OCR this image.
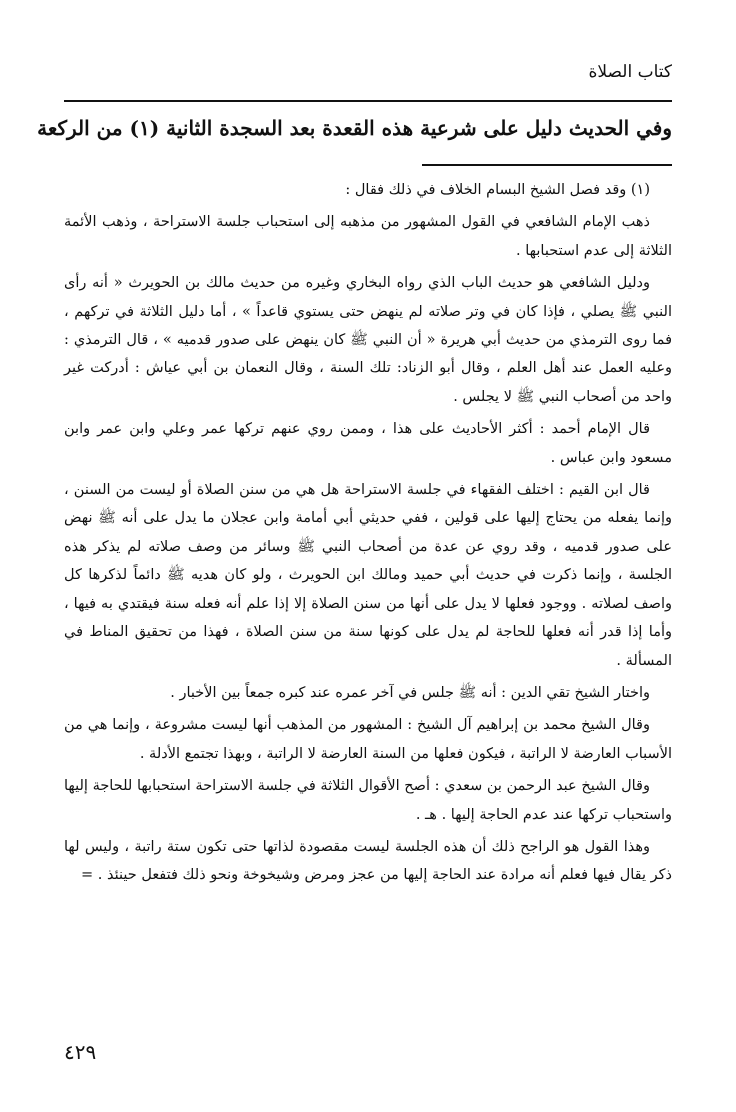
كتاب الصلاة
وفي الحديث دليل على شرعية هذه القعدة بعد السجدة الثانية (١) من الركعة

(١) وقد فصل الشيخ البسام الخلاف في ذلك فقال :

ذهب الإمام الشافعي في القول المشهور من مذهبه إلى استحباب جلسة الاستراحة ، وذهب الأئمة الثلاثة إلى عدم استحبابها .

ودليل الشافعي هو حديث الباب الذي رواه البخاري وغيره من حديث مالك بن الحويرث « أنه رأى النبي ﷺ يصلي ، فإذا كان في وتر صلاته لم ينهض حتى يستوي قاعداً » ، أما دليل الثلاثة في تركهم ، فما روى الترمذي من حديث أبي هريرة « أن النبي ﷺ كان ينهض على صدور قدميه » ، قال الترمذي : وعليه العمل عند أهل العلم ، وقال أبو الزناد: تلك السنة ، وقال النعمان بن أبي عياش : أدركت غير واحد من أصحاب النبي ﷺ لا يجلس .

قال الإمام أحمد : أكثر الأحاديث على هذا ، وممن روي عنهم تركها عمر وعلي وابن عمر وابن مسعود وابن عباس .

قال ابن القيم : اختلف الفقهاء في جلسة الاستراحة هل هي من سنن الصلاة أو ليست من السنن ، وإنما يفعله من يحتاج إليها على قولين ، ففي حديثي أبي أمامة وابن عجلان ما يدل على أنه ﷺ نهض على صدور قدميه ، وقد روي عن عدة من أصحاب النبي ﷺ وسائر من وصف صلاته لم يذكر هذه الجلسة ، وإنما ذكرت في حديث أبي حميد ومالك ابن الحويرث ، ولو كان هديه ﷺ دائماً لذكرها كل واصف لصلاته . ووجود فعلها لا يدل على أنها من سنن الصلاة إلا إذا علم أنه فعله سنة فيقتدي به فيها ، وأما إذا قدر أنه فعلها للحاجة لم يدل على كونها سنة من سنن الصلاة ، فهذا من تحقيق المناط في المسألة .

واختار الشيخ تقي الدين : أنه ﷺ جلس في آخر عمره عند كبره جمعاً بين الأخبار .

وقال الشيخ محمد بن إبراهيم آل الشيخ : المشهور من المذهب أنها ليست مشروعة ، وإنما هي من الأسباب العارضة لا الراتبة ، فيكون فعلها من السنة العارضة لا الراتبة ، وبهذا تجتمع الأدلة .

وقال الشيخ عبد الرحمن بن سعدي : أصح الأقوال الثلاثة في جلسة الاستراحة استحبابها للحاجة إليها واستحباب تركها عند عدم الحاجة إليها . هـ .

وهذا القول هو الراجح ذلك أن هذه الجلسة ليست مقصودة لذاتها حتى تكون ستة راتبة ، وليس لها ذكر يقال فيها فعلم أنه مرادة عند الحاجة إليها من عجز ومرض وشيخوخة ونحو ذلك فتفعل حينئذ . =

٤٢٩
